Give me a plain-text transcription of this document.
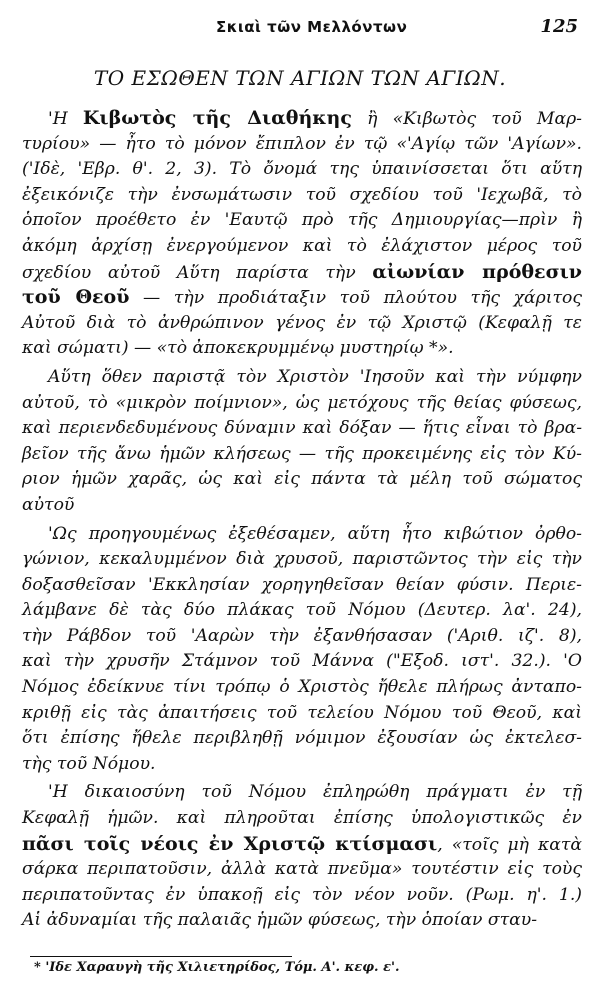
Σκιαὶ τῶν Μελλόντων	125
ΤΟ ΕΣΩΘΕΝ ΤΩΝ ΑΓΙΩΝ ΤΩΝ ΑΓΙΩΝ.
'Η Κιβωτὸς τῆς Διαθήκης ἢ «Κιβωτὸς τοῦ Μαρ-
τυρίου» — ἦτο τὸ μόνον ἔπιπλον ἐν τῷ «'Αγίῳ τῶν 'Αγίων».
('Ιδὲ, 'Εβρ. θ'. 2, 3). Τὸ ὄνομά της ὑπαινίσσεται ὅτι αὕτη
ἐξεικόνιζε τὴν ἐνσωμάτωσιν τοῦ σχεδίου τοῦ 'Ιεχωβᾶ, τὸ
ὁποῖον προέθετο ἐν 'Εαυτῷ πρὸ τῆς Δημιουργίας—πρὶν ἢ
ἀκόμη ἀρχίσῃ ἐνεργούμενον καὶ τὸ ἐλάχιστον μέρος τοῦ
σχεδίου αὐτοῦ Αὕτη παρίστα τὴν αἰωνίαν πρόθεσιν
τοῦ Θεοῦ — τὴν προδιάταξιν τοῦ πλούτου τῆς χάριτος
Αὐτοῦ διὰ τὸ ἀνθρώπινον γένος ἐν τῷ Χριστῷ (Κεφαλῇ τε
καὶ σώματι) — «τὸ ἀποκεκρυμμένῳ μυστηρίῳ *».
Αὕτη ὅθεν παριστᾷ τὸν Χριστὸν 'Ιησοῦν καὶ τὴν νύμφην
αὐτοῦ, τὸ «μικρὸν ποίμνιον», ὡς μετόχους τῆς θείας φύσεως,
καὶ περιενδεδυμένους δύναμιν καὶ δόξαν — ἥτις εἶναι τὸ βρα-
βεῖον τῆς ἄνω ἡμῶν κλήσεως — τῆς προκειμένης εἰς τὸν Κύ-
ριον ἡμῶν χαρᾶς, ὡς καὶ εἰς πάντα τὰ μέλη τοῦ σώματος
αὐτοῦ
'Ως προηγουμένως ἐξεθέσαμεν, αὕτη ἦτο κιβώτιον ὀρθο-
γώνιον, κεκαλυμμένον διὰ χρυσοῦ, παριστῶντος τὴν εἰς τὴν
δοξασθεῖσαν 'Εκκλησίαν χορηγηθεῖσαν θείαν φύσιν. Περιε-
λάμβανε δὲ τὰς δύο πλάκας τοῦ Νόμου (Δευτερ. λα'. 24),
τὴν Ράβδον τοῦ 'Ααρὼν τὴν ἐξανθήσασαν ('Αριθ. ιζ'. 8),
καὶ τὴν χρυσῆν Στάμνον τοῦ Μάννα ("Εξοδ. ιστ'. 32.). 'Ο
Νόμος ἐδείκνυε τίνι τρόπῳ ὁ Χριστὸς ἤθελε πλήρως ἀνταπο-
κριθῇ εἰς τὰς ἀπαιτήσεις τοῦ τελείου Νόμου τοῦ Θεοῦ, καὶ
ὅτι ἐπίσης ἤθελε περιβληθῇ νόμιμον ἐξουσίαν ὡς ἐκτελεσ-
τὴς τοῦ Νόμου.
'Η δικαιοσύνη τοῦ Νόμου ἐπληρώθη πράγματι ἐν τῇ
Κεφαλῇ ἡμῶν. καὶ πληροῦται ἐπίσης ὑπολογιστικῶς ἐν
πᾶσι τοῖς νέοις ἐν Χριστῷ κτίσμασι, «τοῖς μὴ κατὰ
σάρκα περιπατοῦσιν, ἀλλὰ κατὰ πνεῦμα» τουτέστιν εἰς τοὺς
περιπατοῦντας ἐν ὑπακοῇ εἰς τὸν νέον νοῦν. (Ρωμ. η'. 1.)
Αἱ ἀδυναμίαι τῆς παλαιᾶς ἡμῶν φύσεως, τὴν ὁποίαν σταυ-
* 'Ιδε Χαραυγὴ τῆς Χιλιετηρίδος, Τόμ. Α'. κεφ. ε'.
